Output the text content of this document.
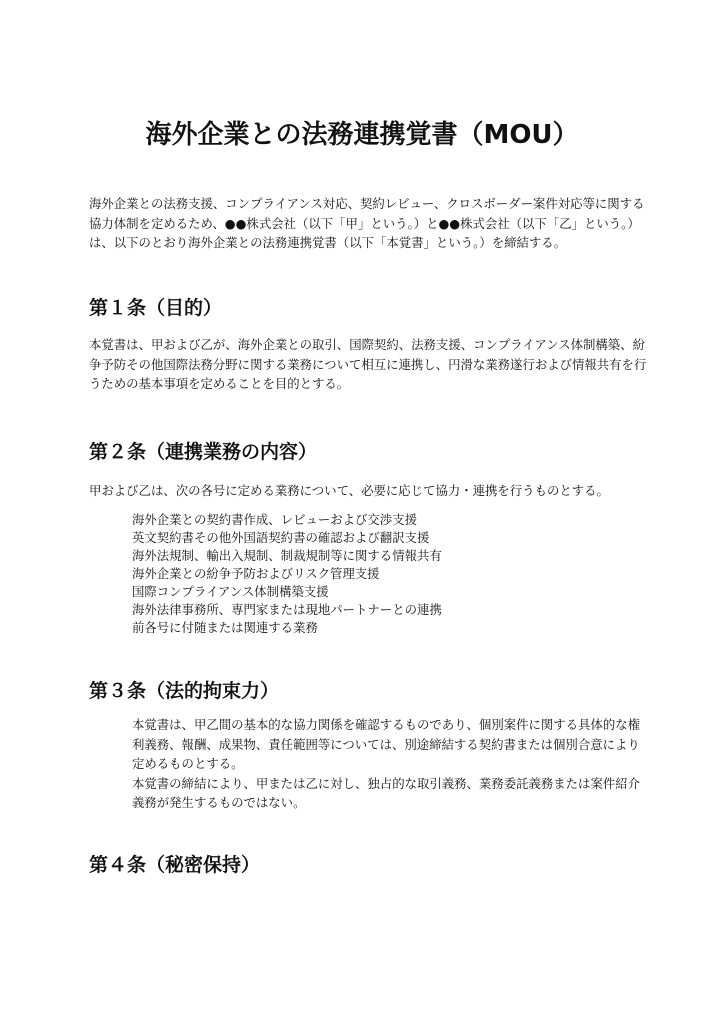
海外企業との法務連携覚書（MOU）
海外企業との法務支援、コンプライアンス対応、契約レビュー、クロスボーダー案件対応等に関する
協力体制を定めるため、●●株式会社（以下「甲」という。）と●●株式会社（以下「乙」という。）
は、以下のとおり海外企業との法務連携覚書（以下「本覚書」という。）を締結する。
第１条（目的）
本覚書は、甲および乙が、海外企業との取引、国際契約、法務支援、コンプライアンス体制構築、紛
争予防その他国際法務分野に関する業務について相互に連携し、円滑な業務遂行および情報共有を行
うための基本事項を定めることを目的とする。
第２条（連携業務の内容）
甲および乙は、次の各号に定める業務について、必要に応じて協力・連携を行うものとする。
海外企業との契約書作成、レビューおよび交渉支援
英文契約書その他外国語契約書の確認および翻訳支援
海外法規制、輸出入規制、制裁規制等に関する情報共有
海外企業との紛争予防およびリスク管理支援
国際コンプライアンス体制構築支援
海外法律事務所、専門家または現地パートナーとの連携
前各号に付随または関連する業務
第３条（法的拘束力）
本覚書は、甲乙間の基本的な協力関係を確認するものであり、個別案件に関する具体的な権
利義務、報酬、成果物、責任範囲等については、別途締結する契約書または個別合意により
定めるものとする。
本覚書の締結により、甲または乙に対し、独占的な取引義務、業務委託義務または案件紹介
義務が発生するものではない。
第４条（秘密保持）
